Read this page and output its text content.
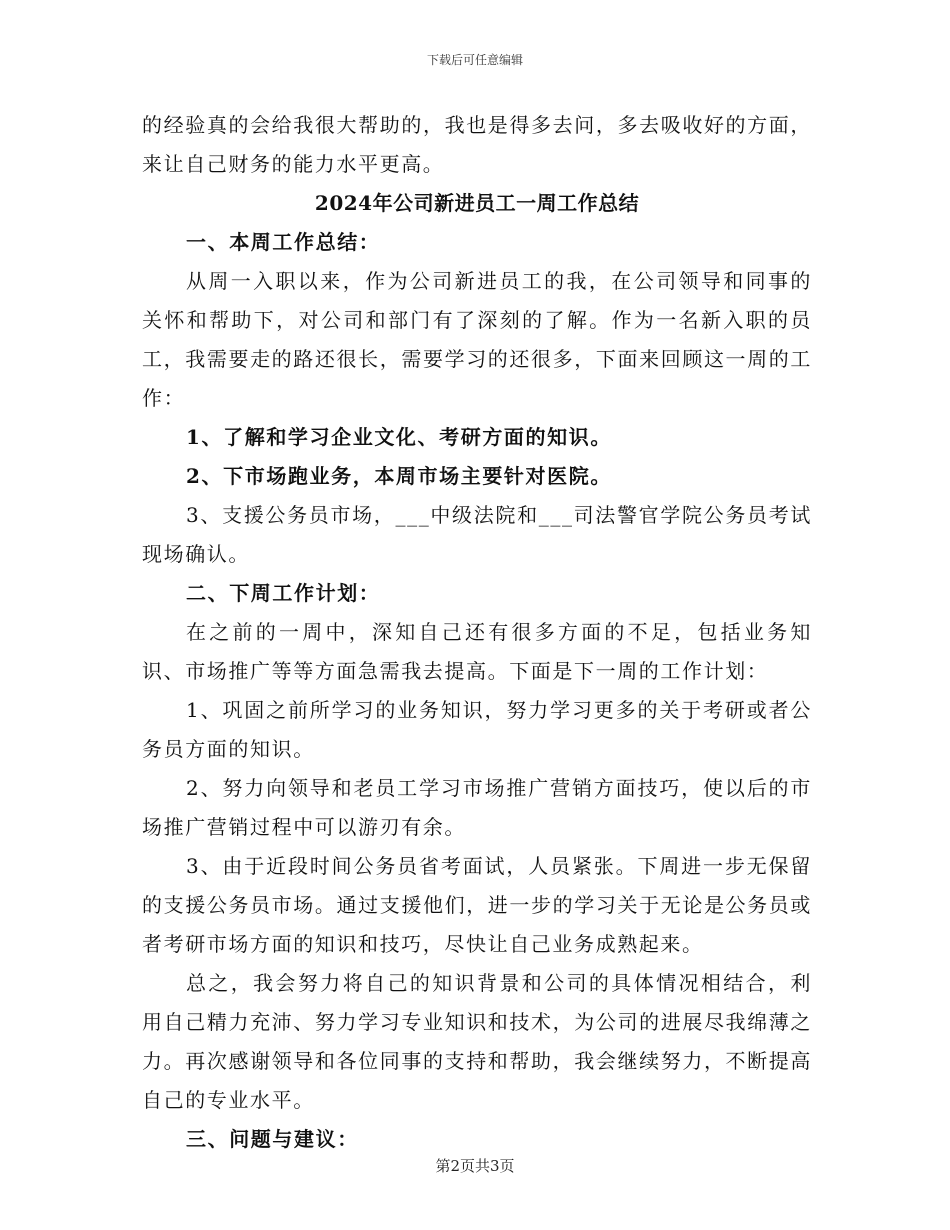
下载后可任意编辑

的经验真的会给我很大帮助的，我也是得多去问，多去吸收好的方面，来让自己财务的能力水平更高。

2024年公司新进员工一周工作总结

一、本周工作总结：

从周一入职以来，作为公司新进员工的我，在公司领导和同事的关怀和帮助下，对公司和部门有了深刻的了解。作为一名新入职的员工，我需要走的路还很长，需要学习的还很多，下面来回顾这一周的工作：

1、了解和学习企业文化、考研方面的知识。

2、下市场跑业务，本周市场主要针对医院。

3、支援公务员市场，___中级法院和___司法警官学院公务员考试现场确认。

二、下周工作计划：

在之前的一周中，深知自己还有很多方面的不足，包括业务知识、市场推广等等方面急需我去提高。下面是下一周的工作计划：

1、巩固之前所学习的业务知识，努力学习更多的关于考研或者公务员方面的知识。

2、努力向领导和老员工学习市场推广营销方面技巧，使以后的市场推广营销过程中可以游刃有余。

3、由于近段时间公务员省考面试，人员紧张。下周进一步无保留的支援公务员市场。通过支援他们，进一步的学习关于无论是公务员或者考研市场方面的知识和技巧，尽快让自己业务成熟起来。

总之，我会努力将自己的知识背景和公司的具体情况相结合，利用自己精力充沛、努力学习专业知识和技术，为公司的进展尽我绵薄之力。再次感谢领导和各位同事的支持和帮助，我会继续努力，不断提高自己的专业水平。

三、问题与建议：

第2页共3页
